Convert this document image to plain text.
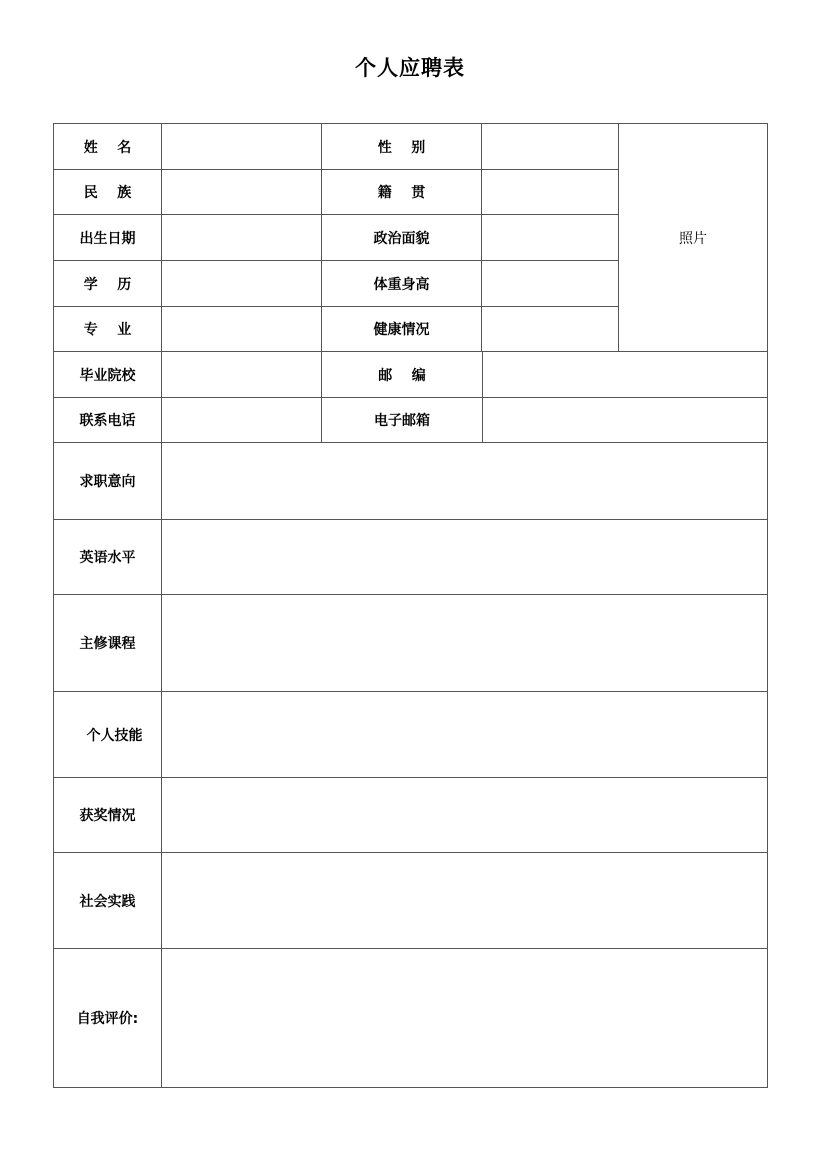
个人应聘表
姓    名	性    别
民    族	籍    贯
出生日期	政治面貌
学    历	体重身高
专    业	健康情况
照片
毕业院校	邮    编
联系电话	电子邮箱
求职意向
英语水平
主修课程
个人技能
获奖情况
社会实践
自我评价:
